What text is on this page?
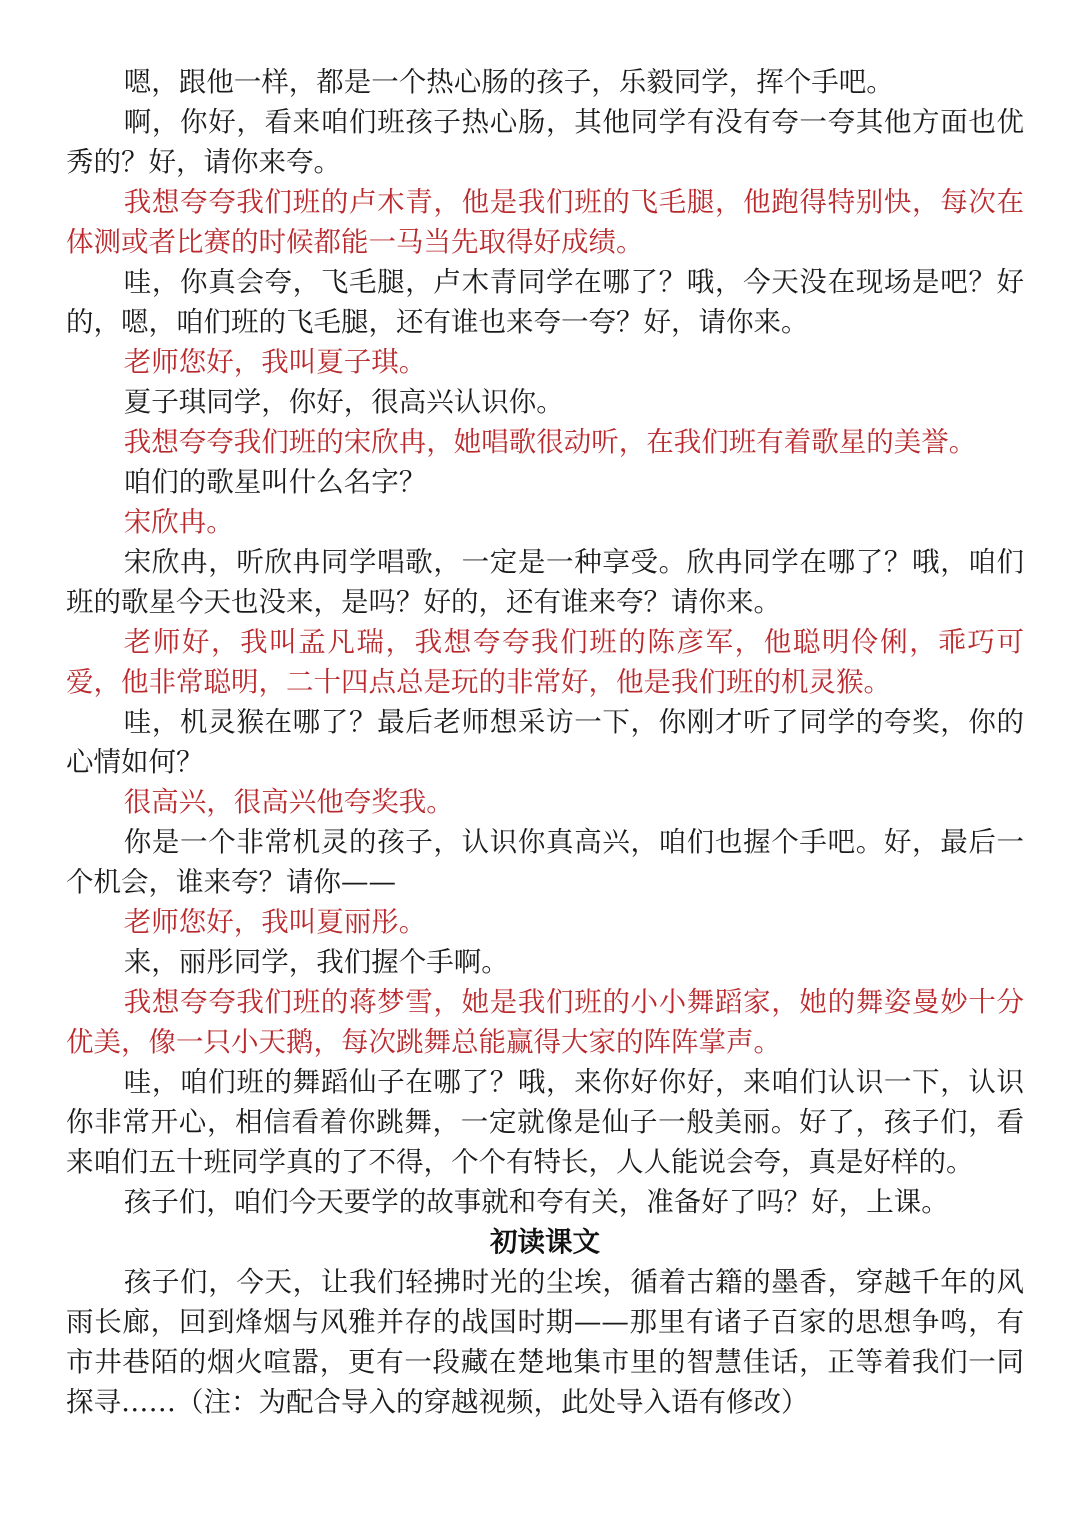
嗯，跟他一样，都是一个热心肠的孩子，乐毅同学，挥个手吧。

啊，你好，看来咱们班孩子热心肠，其他同学有没有夸一夸其他方面也优秀的？好，请你来夸。

我想夸夸我们班的卢木青，他是我们班的飞毛腿，他跑得特别快，每次在体测或者比赛的时候都能一马当先取得好成绩。

哇，你真会夸，飞毛腿，卢木青同学在哪了？哦，今天没在现场是吧？好的，嗯，咱们班的飞毛腿，还有谁也来夸一夸？好，请你来。

老师您好，我叫夏子琪。

夏子琪同学，你好，很高兴认识你。

我想夸夸我们班的宋欣冉，她唱歌很动听，在我们班有着歌星的美誉。

咱们的歌星叫什么名字？

宋欣冉。

宋欣冉，听欣冉同学唱歌，一定是一种享受。欣冉同学在哪了？哦，咱们班的歌星今天也没来，是吗？好的，还有谁来夸？请你来。

老师好，我叫孟凡瑞，我想夸夸我们班的陈彦军，他聪明伶俐，乖巧可爱，他非常聪明，二十四点总是玩的非常好，他是我们班的机灵猴。

哇，机灵猴在哪了？最后老师想采访一下，你刚才听了同学的夸奖，你的心情如何？

很高兴，很高兴他夸奖我。

你是一个非常机灵的孩子，认识你真高兴，咱们也握个手吧。好，最后一个机会，谁来夸？请你——

老师您好，我叫夏丽彤。

来，丽彤同学，我们握个手啊。

我想夸夸我们班的蒋梦雪，她是我们班的小小舞蹈家，她的舞姿曼妙十分优美，像一只小天鹅，每次跳舞总能赢得大家的阵阵掌声。

哇，咱们班的舞蹈仙子在哪了？哦，来你好你好，来咱们认识一下，认识你非常开心，相信看着你跳舞，一定就像是仙子一般美丽。好了，孩子们，看来咱们五十班同学真的了不得，个个有特长，人人能说会夸，真是好样的。

孩子们，咱们今天要学的故事就和夸有关，准备好了吗？好，上课。

初读课文

孩子们，今天，让我们轻拂时光的尘埃，循着古籍的墨香，穿越千年的风雨长廊，回到烽烟与风雅并存的战国时期——那里有诸子百家的思想争鸣，有市井巷陌的烟火喧嚣，更有一段藏在楚地集市里的智慧佳话，正等着我们一同探寻……（注：为配合导入的穿越视频，此处导入语有修改）
